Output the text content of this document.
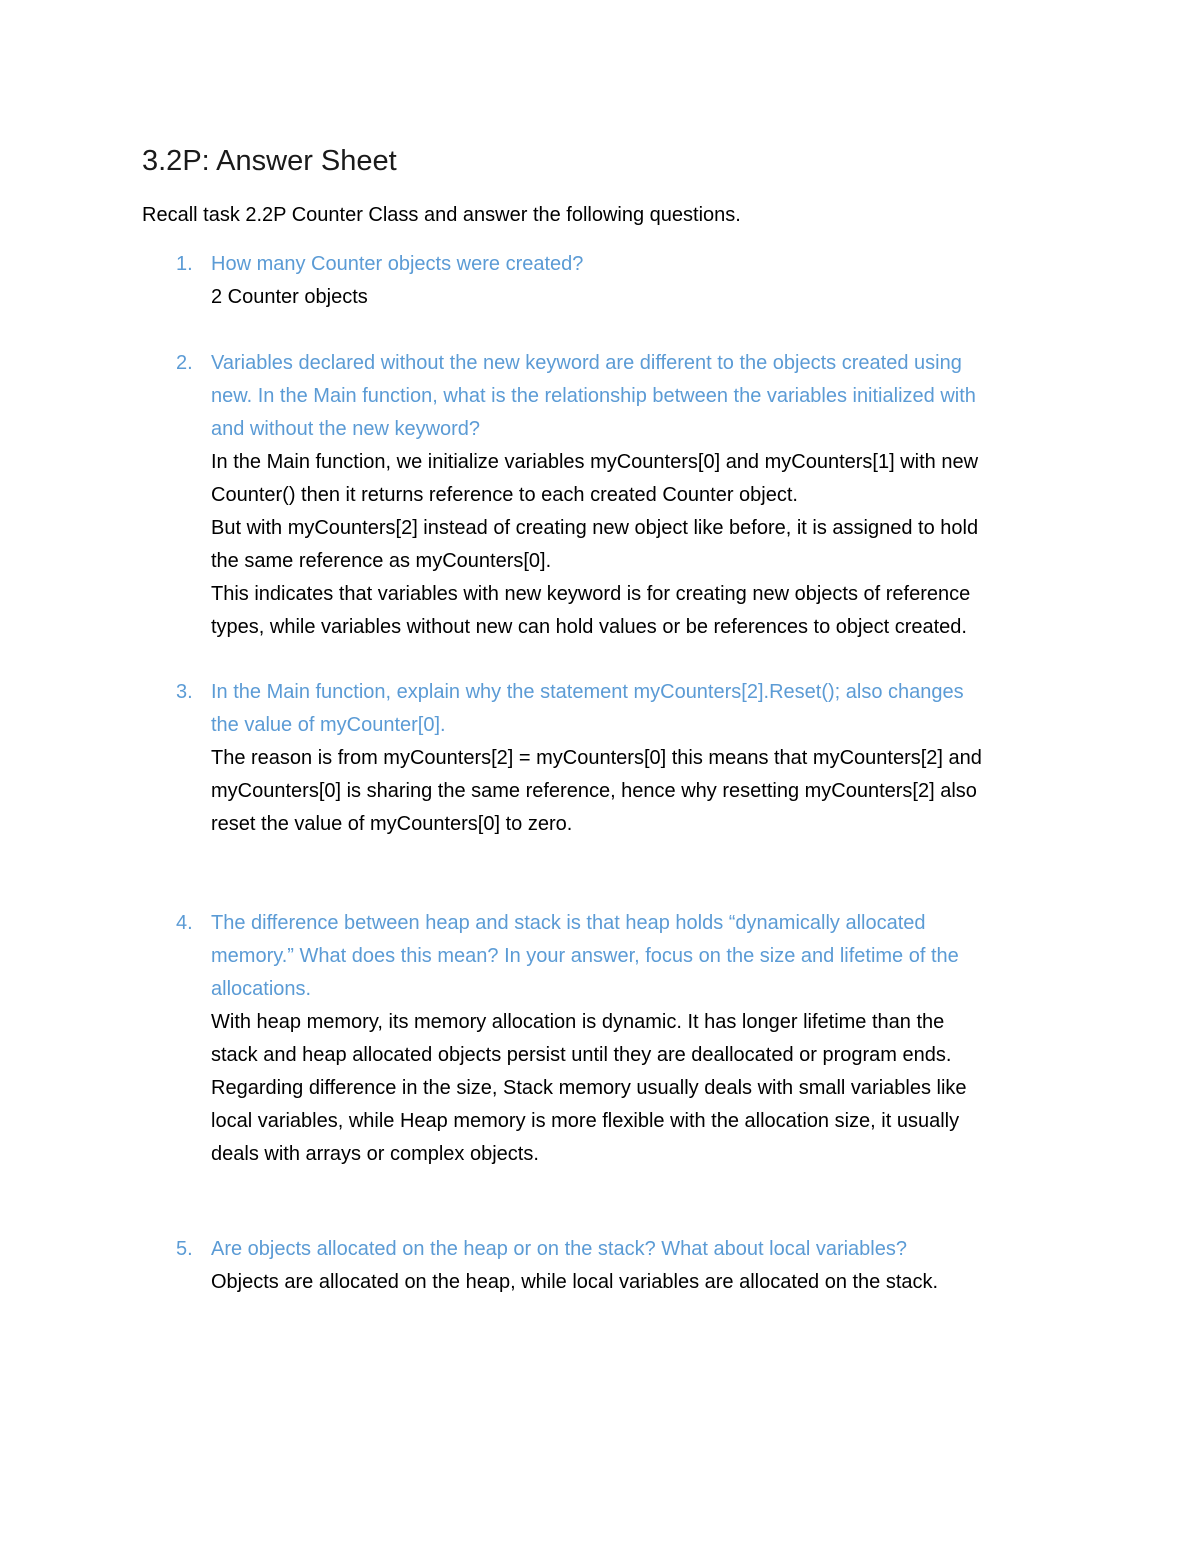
3.2P: Answer Sheet

Recall task 2.2P Counter Class and answer the following questions.

1. How many Counter objects were created?
2 Counter objects
2. Variables declared without the new keyword are different to the objects created using
new. In the Main function, what is the relationship between the variables initialized with
and without the new keyword?
In the Main function, we initialize variables myCounters[0] and myCounters[1] with new
Counter() then it returns reference to each created Counter object.
But with myCounters[2] instead of creating new object like before, it is assigned to hold
the same reference as myCounters[0].
This indicates that variables with new keyword is for creating new objects of reference
types, while variables without new can hold values or be references to object created.
3. In the Main function, explain why the statement myCounters[2].Reset(); also changes
the value of myCounter[0].
The reason is from myCounters[2] = myCounters[0] this means that myCounters[2] and
myCounters[0] is sharing the same reference, hence why resetting myCounters[2] also
reset the value of myCounters[0] to zero.
4. The difference between heap and stack is that heap holds “dynamically allocated
memory.” What does this mean? In your answer, focus on the size and lifetime of the
allocations.
With heap memory, its memory allocation is dynamic. It has longer lifetime than the
stack and heap allocated objects persist until they are deallocated or program ends.
Regarding difference in the size, Stack memory usually deals with small variables like
local variables, while Heap memory is more flexible with the allocation size, it usually
deals with arrays or complex objects.
5. Are objects allocated on the heap or on the stack? What about local variables?
Objects are allocated on the heap, while local variables are allocated on the stack.
